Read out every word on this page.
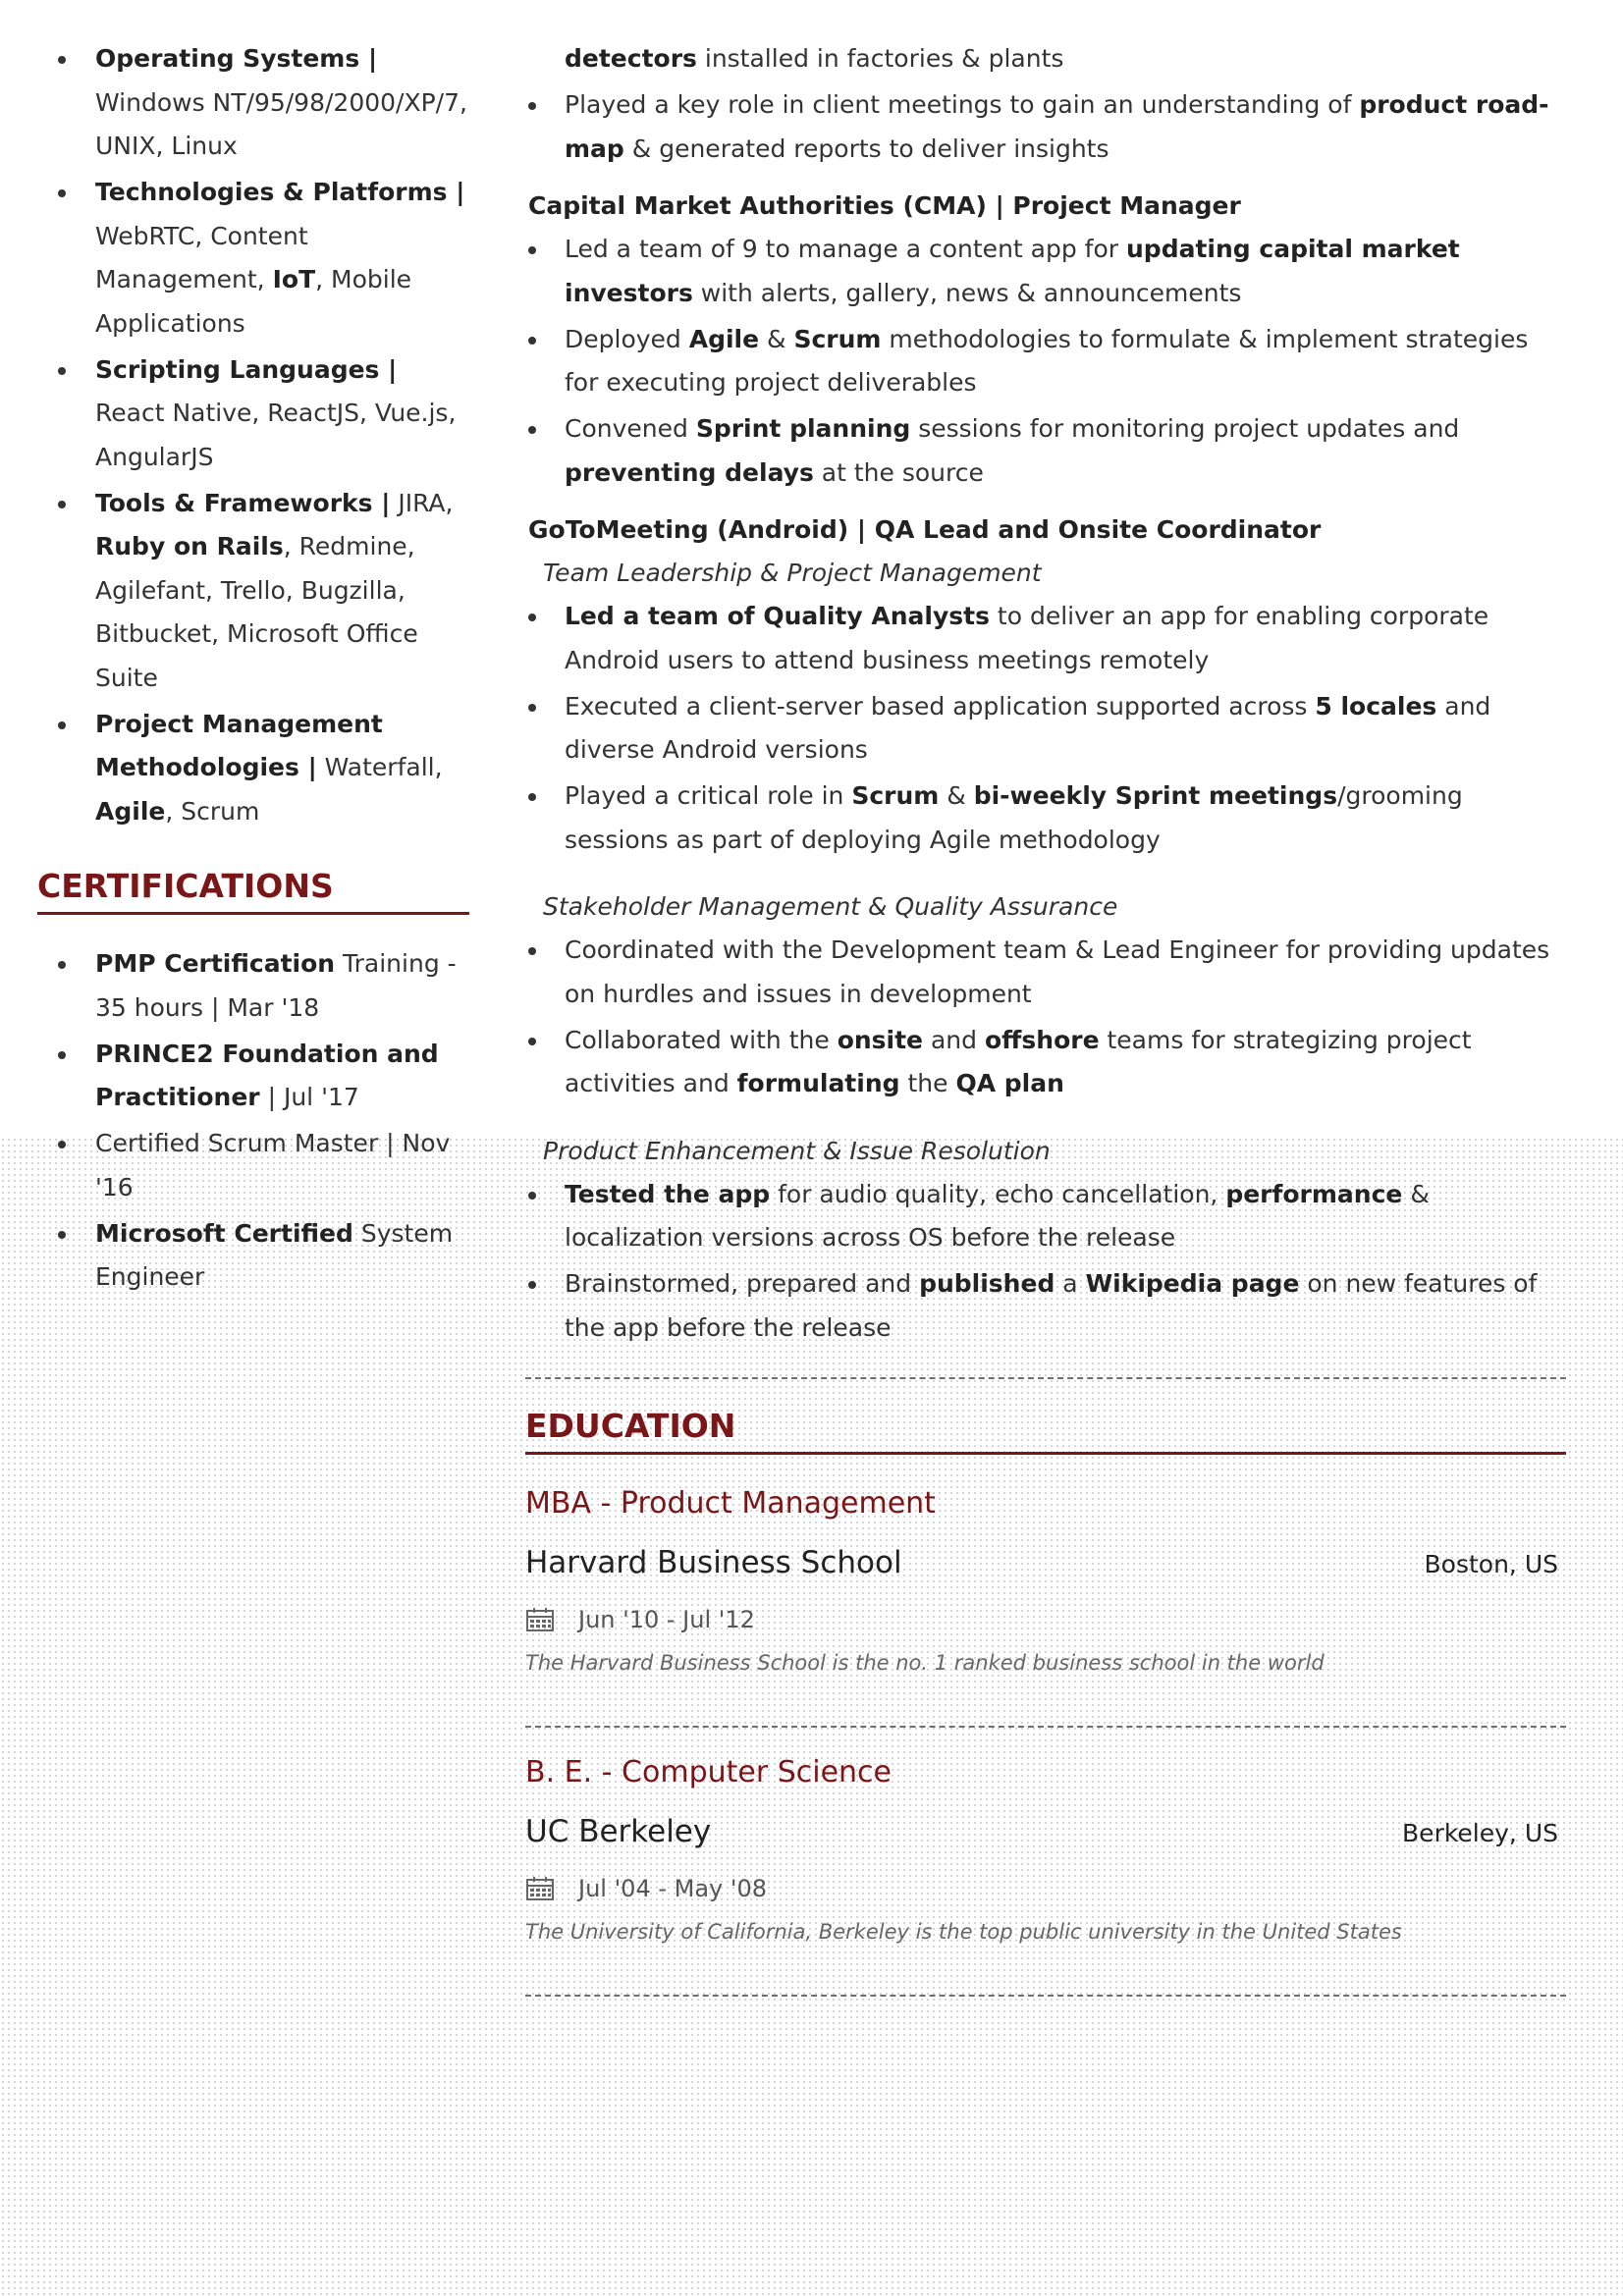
Operating Systems | Windows NT/95/98/2000/XP/7, UNIX, Linux
Technologies & Platforms | WebRTC, Content Management, IoT, Mobile Applications
Scripting Languages | React Native, ReactJS, Vue.js, AngularJS
Tools & Frameworks | JIRA, Ruby on Rails, Redmine, Agilefant, Trello, Bugzilla, Bitbucket, Microsoft Office Suite
Project Management Methodologies | Waterfall, Agile, Scrum
CERTIFICATIONS
PMP Certification Training - 35 hours | Mar '18
PRINCE2 Foundation and Practitioner | Jul '17
Certified Scrum Master | Nov '16
Microsoft Certified System Engineer
detectors installed in factories & plants
Played a key role in client meetings to gain an understanding of product road-map & generated reports to deliver insights

Capital Market Authorities (CMA) | Project Manager

Led a team of 9 to manage a content app for updating capital market investors with alerts, gallery, news & announcements
Deployed Agile & Scrum methodologies to formulate & implement strategies for executing project deliverables
Convened Sprint planning sessions for monitoring project updates and preventing delays at the source

GoToMeeting (Android) | QA Lead and Onsite Coordinator

Team Leadership & Project Management

Led a team of Quality Analysts to deliver an app for enabling corporate Android users to attend business meetings remotely
Executed a client-server based application supported across 5 locales and diverse Android versions
Played a critical role in Scrum & bi-weekly Sprint meetings/grooming sessions as part of deploying Agile methodology

Stakeholder Management & Quality Assurance

Coordinated with the Development team & Lead Engineer for providing updates on hurdles and issues in development
Collaborated with the onsite and offshore teams for strategizing project activities and formulating the QA plan

Product Enhancement & Issue Resolution

Tested the app for audio quality, echo cancellation, performance & localization versions across OS before the release
Brainstormed, prepared and published a Wikipedia page on new features of the app before the release
EDUCATION
MBA - Product Management
Harvard Business School	Boston, US
Jun '10 - Jul '12
The Harvard Business School is the no. 1 ranked business school in the world
B. E. - Computer Science
UC Berkeley	Berkeley, US
Jul '04 - May '08
The University of California, Berkeley is the top public university in the United States
